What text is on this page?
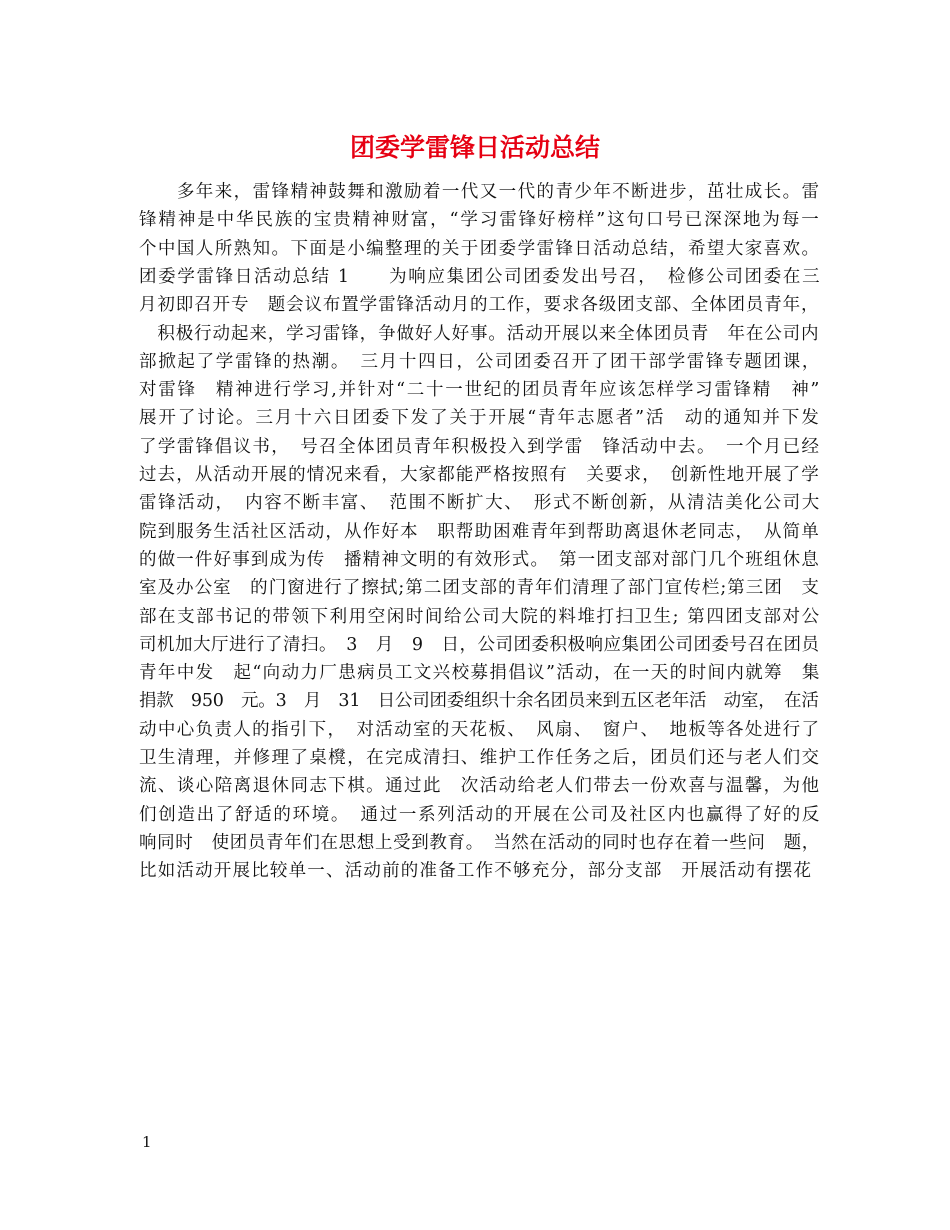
团委学雷锋日活动总结
　　多年来，雷锋精神鼓舞和激励着一代又一代的青少年不断进步，茁壮成长。雷
锋精神是中华民族的宝贵精神财富，“学习雷锋好榜样”这句口号已深深地为每一
个中国人所熟知。下面是小编整理的关于团委学雷锋日活动总结，希望大家喜欢。
团委学雷锋日活动总结 1　　为响应集团公司团委发出号召，　检修公司团委在三
月初即召开专　题会议布置学雷锋活动月的工作，要求各级团支部、全体团员青年，
　积极行动起来，学习雷锋，争做好人好事。活动开展以来全体团员青　年在公司内
部掀起了学雷锋的热潮。　三月十四日，公司团委召开了团干部学雷锋专题团课，
对雷锋　精神进行学习,并针对“二十一世纪的团员青年应该怎样学习雷锋精　神”
展开了讨论。三月十六日团委下发了关于开展“青年志愿者”活　动的通知并下发
了学雷锋倡议书，　号召全体团员青年积极投入到学雷　锋活动中去。　一个月已经
过去，从活动开展的情况来看，大家都能严格按照有　关要求，　创新性地开展了学
雷锋活动，　内容不断丰富、　范围不断扩大、　形式不断创新，从清洁美化公司大
院到服务生活社区活动，从作好本　职帮助困难青年到帮助离退休老同志，　从简单
的做一件好事到成为传　播精神文明的有效形式。　第一团支部对部门几个班组休息
室及办公室　的门窗进行了擦拭;第二团支部的青年们清理了部门宣传栏;第三团　支
部在支部书记的带领下利用空闲时间给公司大院的料堆打扫卫生; 第四团支部对公
司机加大厅进行了清扫。　3　月　9　日，公司团委积极响应集团公司团委号召在团员
青年中发　起“向动力厂患病员工文兴校募捐倡议”活动，在一天的时间内就筹　集
捐款　950　元。3　月　31　日公司团委组织十余名团员来到五区老年活　动室，　在活
动中心负责人的指引下，　对活动室的天花板、　风扇、　窗户、　地板等各处进行了
卫生清理，并修理了桌櫈，在完成清扫、维护工作任务之后，团员们还与老人们交
流、谈心陪离退休同志下棋。通过此　次活动给老人们带去一份欢喜与温馨，为他
们创造出了舒适的环境。　通过一系列活动的开展在公司及社区内也赢得了好的反
响同时　使团员青年们在思想上受到教育。　当然在活动的同时也存在着一些问　题，
比如活动开展比较单一、活动前的准备工作不够充分，部分支部　开展活动有摆花
1
